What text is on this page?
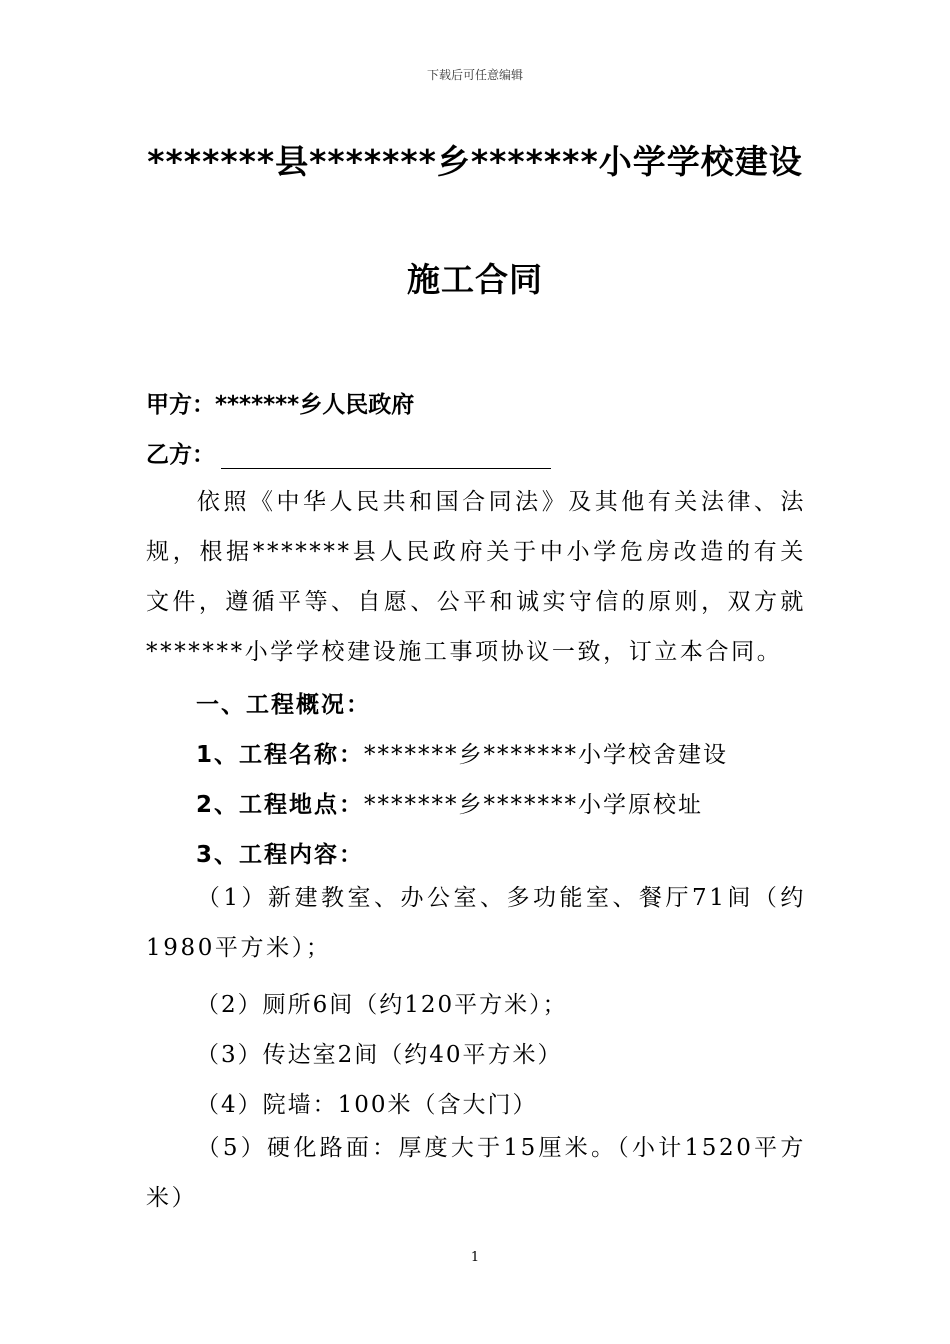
下载后可任意编辑
*******县*******乡*******小学学校建设
施工合同
甲方：*******乡人民政府
乙方：
依照《中华人民共和国合同法》及其他有关法律、法规，根据*******县人民政府关于中小学危房改造的有关文件，遵循平等、自愿、公平和诚实守信的原则，双方就*******小学学校建设施工事项协议一致，订立本合同。
一、工程概况：
1、工程名称：*******乡*******小学校舍建设
2、工程地点：*******乡*******小学原校址
3、工程内容：
（1）新建教室、办公室、多功能室、餐厅71间（约1980平方米）；
（2）厕所6间（约120平方米）；
（3）传达室2间（约40平方米）
（4）院墙：100米（含大门）
（5）硬化路面：厚度大于15厘米。（小计1520平方米）
1
